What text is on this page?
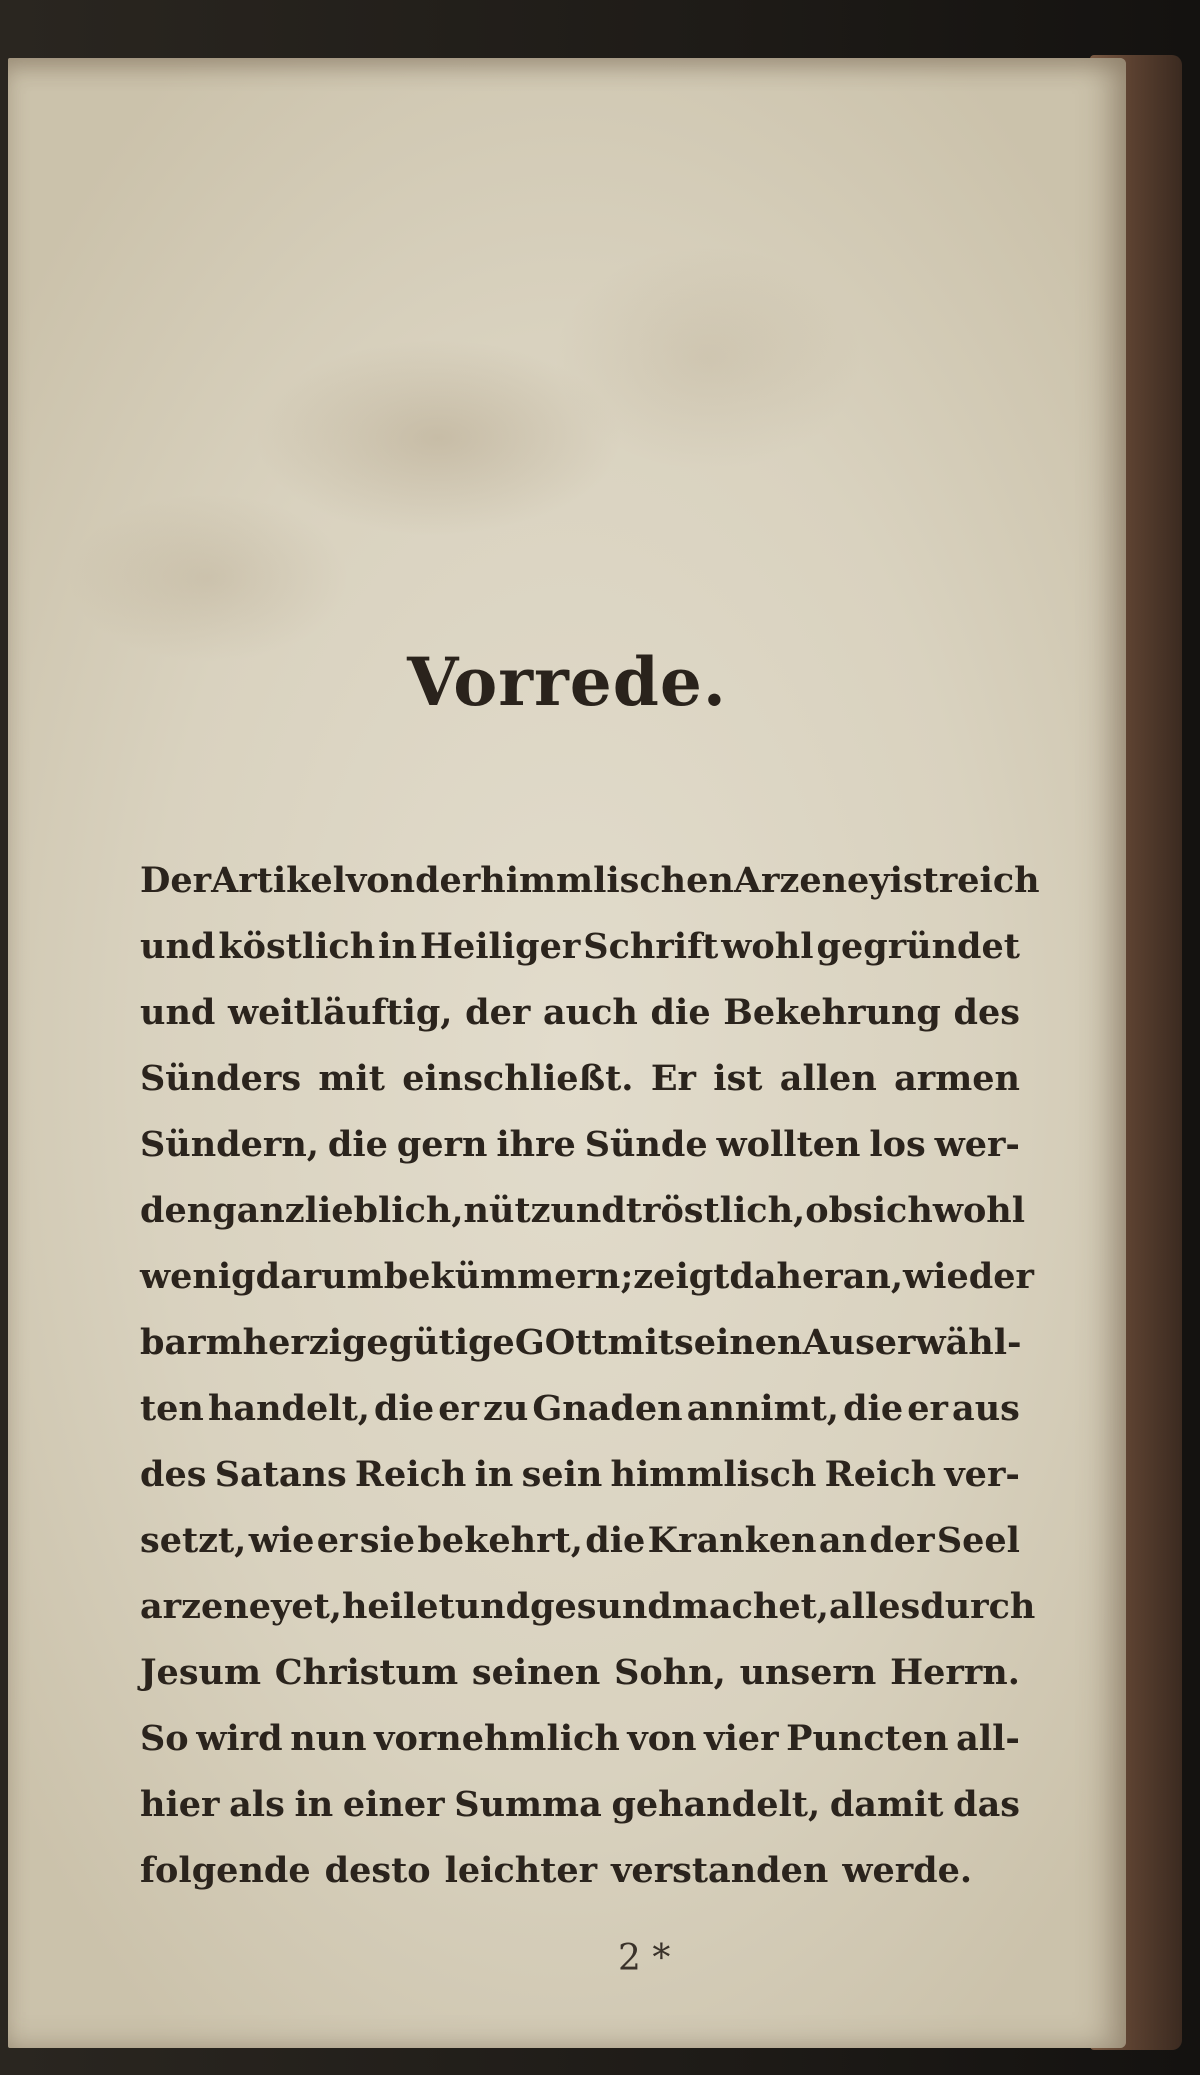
Vorrede.
Der Artikel von der himmlischen Arzeney ist reich
und köstlich in Heiliger Schrift wohl gegründet
und weitläuftig, der auch die Bekehrung des
Sünders mit einschließt. Er ist allen armen
Sündern, die gern ihre Sünde wollten los wer-
den ganz lieblich, nütz und tröstlich, ob sich wohl
wenig darum bekümmern; zeigt daher an, wie der
barmherzige gütige GOtt mit seinen Auserwähl-
ten handelt, die er zu Gnaden annimt, die er aus
des Satans Reich in sein himmlisch Reich ver-
setzt, wie er sie bekehrt, die Kranken an der Seel
arzeneyet, heilet und gesund machet, alles durch
Jesum Christum seinen Sohn, unsern Herrn.
So wird nun vornehmlich von vier Puncten all-
hier als in einer Summa gehandelt, damit das
folgende desto leichter verstanden werde.
2 *
